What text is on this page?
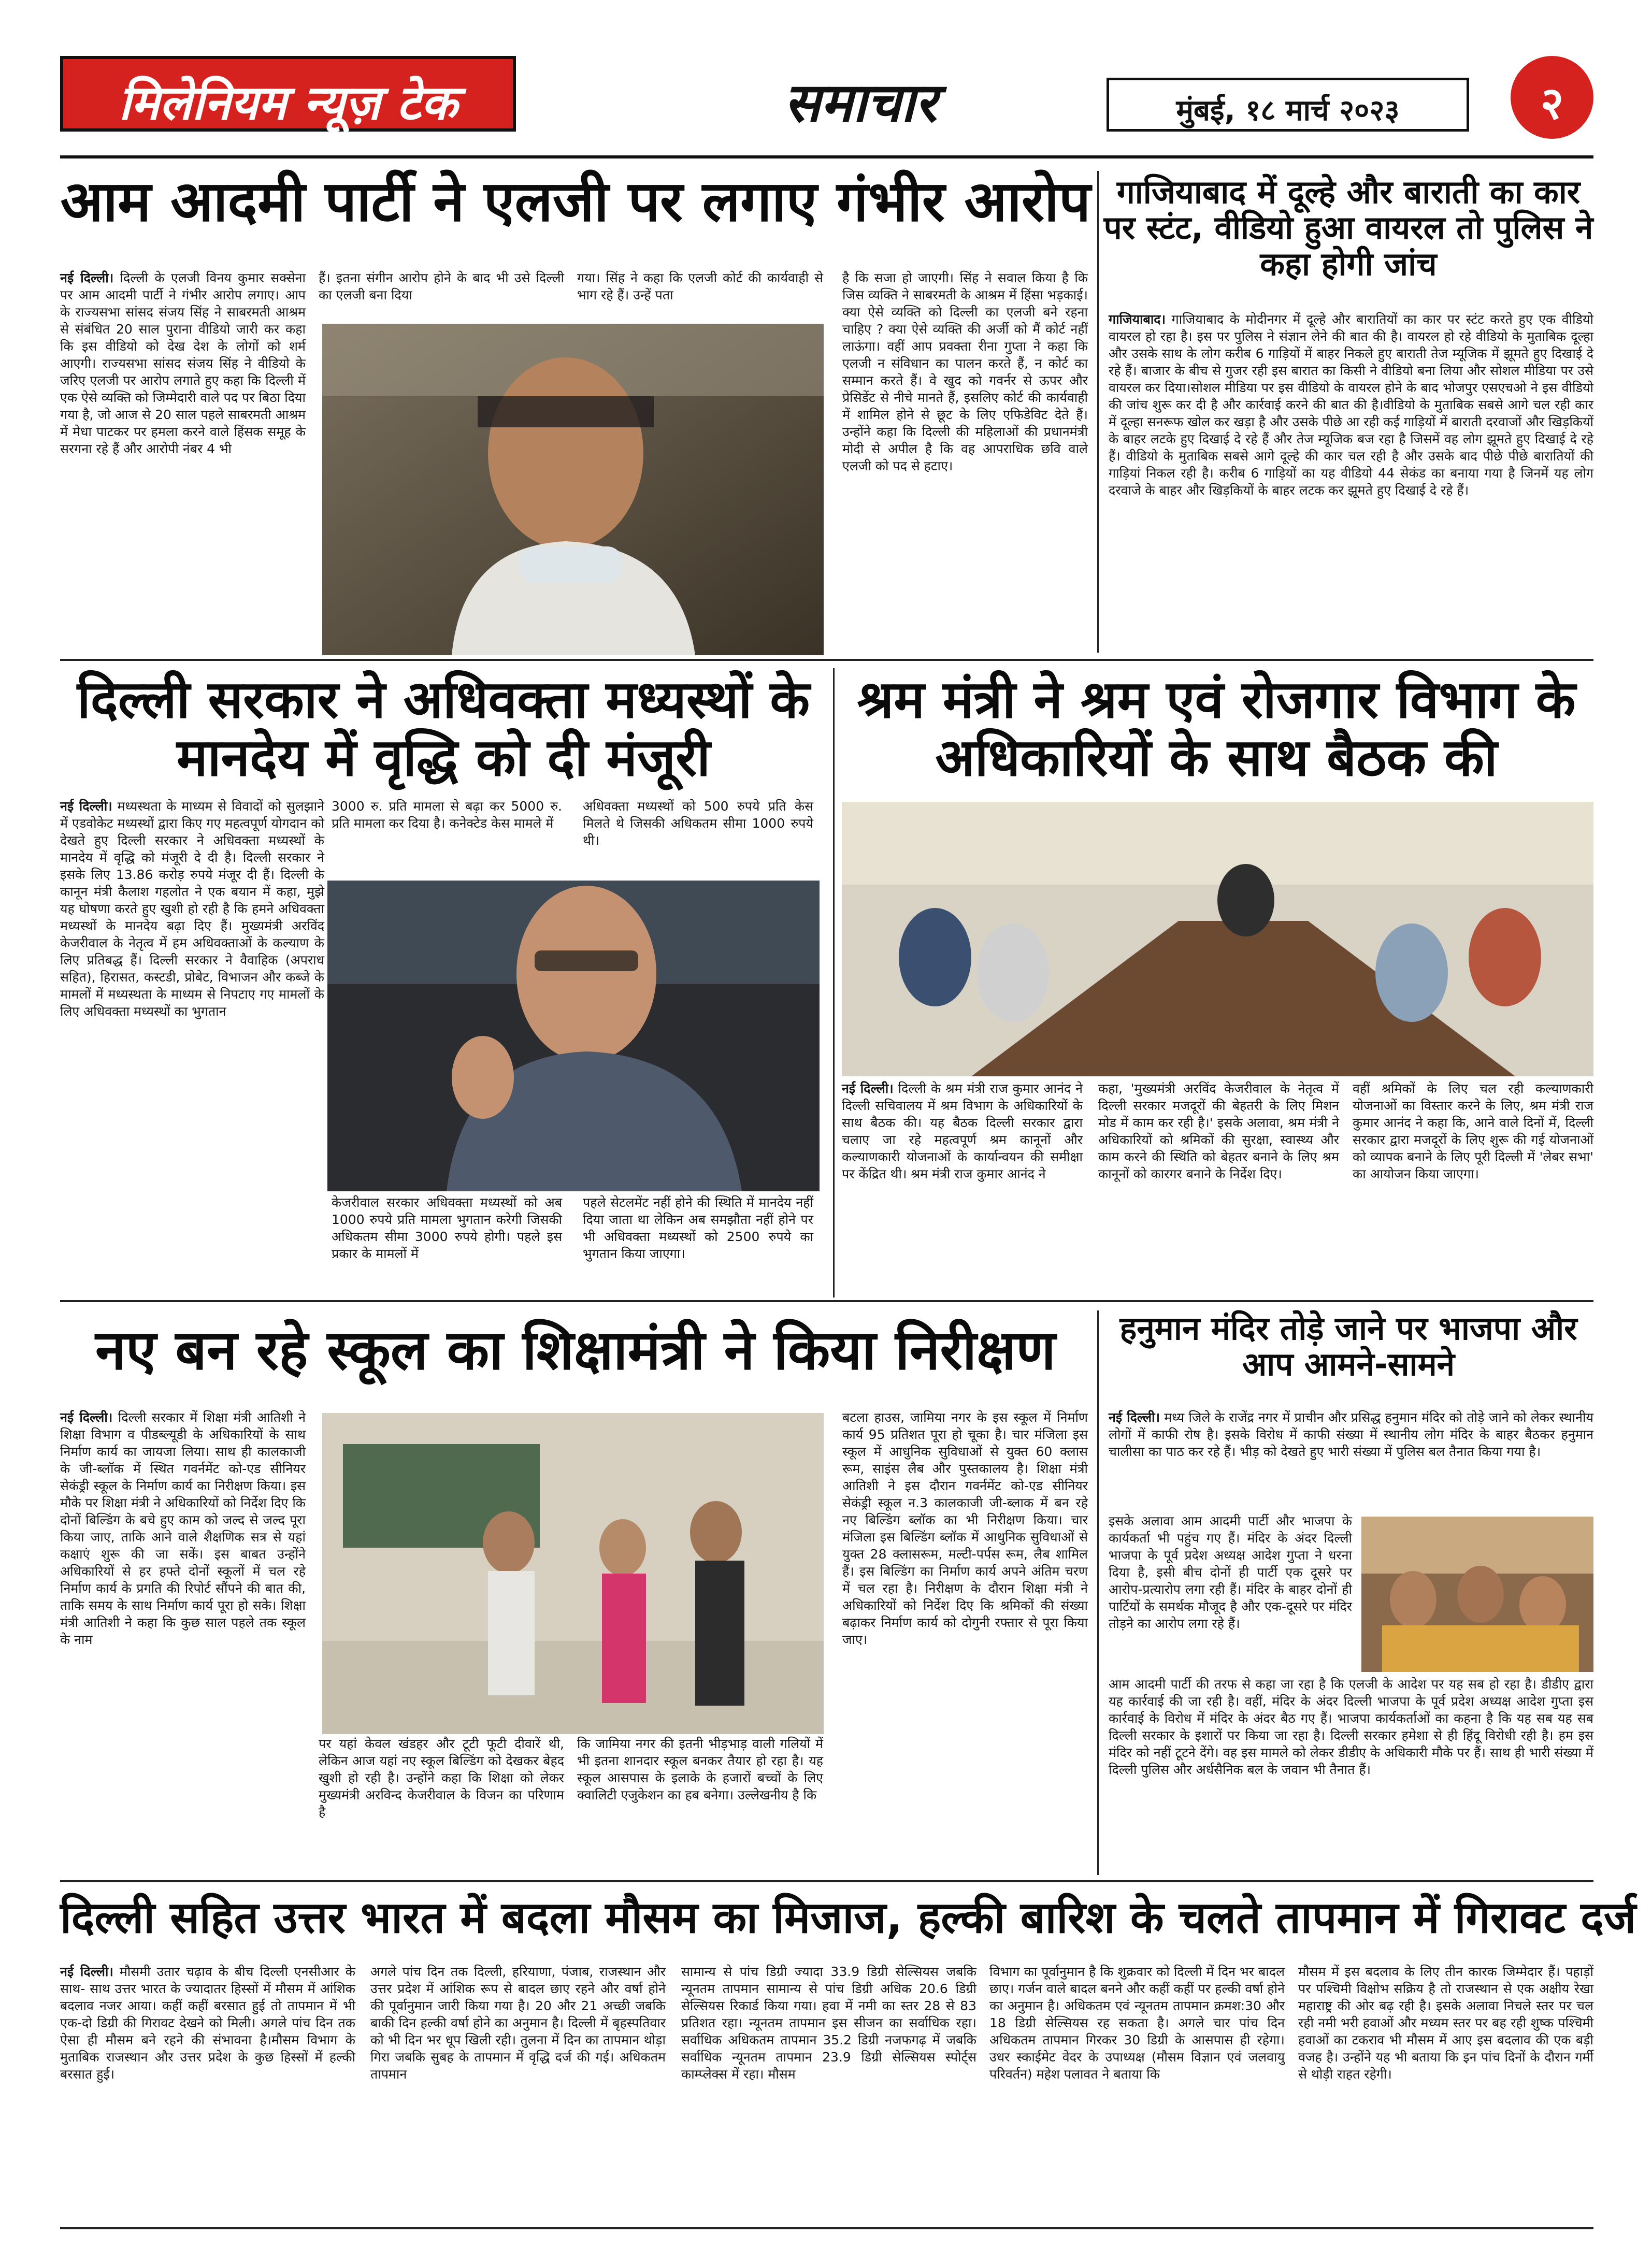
मिलेनियम न्यूज़ टेक	समाचार	मुंबई, १८ मार्च २०२३	२
आम आदमी पार्टी ने एलजी पर लगाए गंभीर आरोप
नई दिल्ली। दिल्ली के एलजी विनय कुमार सक्सेना पर आम आदमी पार्टी ने गंभीर आरोप लगाए। आप के राज्यसभा सांसद संजय सिंह ने साबरमती आश्रम से संबंधित 20 साल पुराना वीडियो जारी कर कहा कि इस वीडियो को देख देश के लोगों को शर्म आएगी। राज्यसभा सांसद संजय सिंह ने वीडियो के जरिए एलजी पर आरोप लगाते हुए कहा कि दिल्ली में एक ऐसे व्यक्ति को जिम्मेदारी वाले पद पर बिठा दिया गया है, जो आज से 20 साल पहले साबरमती आश्रम में मेधा पाटकर पर हमला करने वाले हिंसक समूह के सरगना रहे हैं और आरोपी नंबर 4 भी
हैं। इतना संगीन आरोप होने के बाद भी उसे दिल्ली का एलजी बना दिया
गया। सिंह ने कहा कि एलजी कोर्ट की कार्यवाही से भाग रहे हैं। उन्हें पता
है कि सजा हो जाएगी। सिंह ने सवाल किया है कि जिस व्यक्ति ने साबरमती के आश्रम में हिंसा भड़काई। क्या ऐसे व्यक्ति को दिल्ली का एलजी बने रहना चाहिए ? क्या ऐसे व्यक्ति की अर्जी को मैं कोर्ट नहीं लाऊंगा। वहीं आप प्रवक्ता रीना गुप्ता ने कहा कि एलजी न संविधान का पालन करते हैं, न कोर्ट का सम्मान करते हैं। वे खुद को गवर्नर से ऊपर और प्रेसिडेंट से नीचे मानते हैं, इसलिए कोर्ट की कार्यवाही में शामिल होने से छूट के लिए एफिडेविट देते हैं। उन्होंने कहा कि दिल्ली की महिलाओं की प्रधानमंत्री मोदी से अपील है कि वह आपराधिक छवि वाले एलजी को पद से हटाए।
गाजियाबाद में दूल्हे और बाराती का कार पर स्टंट, वीडियो हुआ वायरल तो पुलिस ने कहा होगी जांच
गाजियाबाद। गाजियाबाद के मोदीनगर में दूल्हे और बारातियों का कार पर स्टंट करते हुए एक वीडियो वायरल हो रहा है। इस पर पुलिस ने संज्ञान लेने की बात की है। वायरल हो रहे वीडियो के मुताबिक दूल्हा और उसके साथ के लोग करीब 6 गाड़ियों में बाहर निकले हुए बाराती तेज म्यूजिक में झूमते हुए दिखाई दे रहे हैं। बाजार के बीच से गुजर रही इस बारात का किसी ने वीडियो बना लिया और सोशल मीडिया पर उसे वायरल कर दिया।सोशल मीडिया पर इस वीडियो के वायरल होने के बाद भोजपुर एसएचओ ने इस वीडियो की जांच शुरू कर दी है और कार्रवाई करने की बात की है।वीडियो के मुताबिक सबसे आगे चल रही कार में दूल्हा सनरूफ खोल कर खड़ा है और उसके पीछे आ रही कई गाड़ियों में बाराती दरवाजों और खिड़कियों के बाहर लटके हुए दिखाई दे रहे हैं और तेज म्यूजिक बज रहा है जिसमें वह लोग झूमते हुए दिखाई दे रहे हैं। वीडियो के मुताबिक सबसे आगे दूल्हे की कार चल रही है और उसके बाद पीछे पीछे बारातियों की गाड़ियां निकल रही है। करीब 6 गाड़ियों का यह वीडियो 44 सेकंड का बनाया गया है जिनमें यह लोग दरवाजे के बाहर और खिड़कियों के बाहर लटक कर झूमते हुए दिखाई दे रहे हैं।
दिल्ली सरकार ने अधिवक्ता मध्यस्थों के मानदेय में वृद्धि को दी मंजूरी
नई दिल्ली। मध्यस्थता के माध्यम से विवादों को सुलझाने में एडवोकेट मध्यस्थों द्वारा किए गए महत्वपूर्ण योगदान को देखते हुए दिल्ली सरकार ने अधिवक्ता मध्यस्थों के मानदेय में वृद्धि को मंजूरी दे दी है। दिल्ली सरकार ने इसके लिए 13.86 करोड़ रुपये मंजूर दी हैं। दिल्ली के कानून मंत्री कैलाश गहलोत ने एक बयान में कहा, मुझे यह घोषणा करते हुए खुशी हो रही है कि हमने अधिवक्ता मध्यस्थों के मानदेय बढ़ा दिए हैं। मुख्यमंत्री अरविंद केजरीवाल के नेतृत्व में हम अधिवक्ताओं के कल्याण के लिए प्रतिबद्ध हैं। दिल्ली सरकार ने वैवाहिक (अपराध सहित), हिरासत, कस्टडी, प्रोबेट, विभाजन और कब्जे के मामलों में मध्यस्थता के माध्यम से निपटाए गए मामलों के लिए अधिवक्ता मध्यस्थों का भुगतान
3000 रु. प्रति मामला से बढ़ा कर 5000 रु. प्रति मामला कर दिया है। कनेक्टेड केस मामले में
अधिवक्ता मध्यस्थों को 500 रुपये प्रति केस मिलते थे जिसकी अधिकतम सीमा 1000 रुपये थी।
केजरीवाल सरकार अधिवक्ता मध्यस्थों को अब 1000 रुपये प्रति मामला भुगतान करेगी जिसकी अधिकतम सीमा 3000 रुपये होगी। पहले इस प्रकार के मामलों में
पहले सेटलमेंट नहीं होने की स्थिति में मानदेय नहीं दिया जाता था लेकिन अब समझौता नहीं होने पर भी अधिवक्ता मध्यस्थों को 2500 रुपये का भुगतान किया जाएगा।
श्रम मंत्री ने श्रम एवं रोजगार विभाग के अधिकारियों के साथ बैठक की
नई दिल्ली। दिल्ली के श्रम मंत्री राज कुमार आनंद ने दिल्ली सचिवालय में श्रम विभाग के अधिकारियों के साथ बैठक की। यह बैठक दिल्ली सरकार द्वारा चलाए जा रहे महत्वपूर्ण श्रम कानूनों और कल्याणकारी योजनाओं के कार्यान्वयन की समीक्षा पर केंद्रित थी। श्रम मंत्री राज कुमार आनंद ने
कहा, 'मुख्यमंत्री अरविंद केजरीवाल के नेतृत्व में दिल्ली सरकार मजदूरों की बेहतरी के लिए मिशन मोड में काम कर रही है।' इसके अलावा, श्रम मंत्री ने अधिकारियों को श्रमिकों की सुरक्षा, स्वास्थ्य और काम करने की स्थिति को बेहतर बनाने के लिए श्रम कानूनों को कारगर बनाने के निर्देश दिए।
वहीं श्रमिकों के लिए चल रही कल्याणकारी योजनाओं का विस्तार करने के लिए, श्रम मंत्री राज कुमार आनंद ने कहा कि, आने वाले दिनों में, दिल्ली सरकार द्वारा मजदूरों के लिए शुरू की गई योजनाओं को व्यापक बनाने के लिए पूरी दिल्ली में 'लेबर सभा' का आयोजन किया जाएगा।
नए बन रहे स्कूल का शिक्षामंत्री ने किया निरीक्षण
नई दिल्ली। दिल्ली सरकार में शिक्षा मंत्री आतिशी ने शिक्षा विभाग व पीडब्ल्यूडी के अधिकारियों के साथ निर्माण कार्य का जायजा लिया। साथ ही कालकाजी के जी-ब्लॉक में स्थित गवर्नमेंट को-एड सीनियर सेकंड्री स्कूल के निर्माण कार्य का निरीक्षण किया। इस मौके पर शिक्षा मंत्री ने अधिकारियों को निर्देश दिए कि दोनों बिल्डिंग के बचे हुए काम को जल्द से जल्द पूरा किया जाए, ताकि आने वाले शैक्षणिक सत्र से यहां कक्षाएं शुरू की जा सकें। इस बाबत उन्होंने अधिकारियों से हर हफ्ते दोनों स्कूलों में चल रहे निर्माण कार्य के प्रगति की रिपोर्ट सौंपने की बात की, ताकि समय के साथ निर्माण कार्य पूरा हो सके। शिक्षा मंत्री आतिशी ने कहा कि कुछ साल पहले तक स्कूल के नाम
पर यहां केवल खंडहर और टूटी फूटी दीवारें थी, लेकिन आज यहां नए स्कूल बिल्डिंग को देखकर बेहद खुशी हो रही है। उन्होंने कहा कि शिक्षा को लेकर मुख्यमंत्री अरविन्द केजरीवाल के विजन का परिणाम है
कि जामिया नगर की इतनी भीड़भाड़ वाली गलियों में भी इतना शानदार स्कूल बनकर तैयार हो रहा है। यह स्कूल आसपास के इलाके के हजारों बच्चों के लिए क्वालिटी एजुकेशन का हब बनेगा। उल्लेखनीय है कि
बटला हाउस, जामिया नगर के इस स्कूल में निर्माण कार्य 95 प्रतिशत पूरा हो चूका है। चार मंजिला इस स्कूल में आधुनिक सुविधाओं से युक्त 60 क्लास रूम, साइंस लैब और पुस्तकालय है। शिक्षा मंत्री आतिशी ने इस दौरान गवर्नमेंट को-एड सीनियर सेकंड्री स्कूल न.3 कालकाजी जी-ब्लाक में बन रहे नए बिल्डिंग ब्लॉक का भी निरीक्षण किया। चार मंजिला इस बिल्डिंग ब्लॉक में आधुनिक सुविधाओं से युक्त 28 क्लासरूम, मल्टी-पर्पस रूम, लैब शामिल हैं। इस बिल्डिंग का निर्माण कार्य अपने अंतिम चरण में चल रहा है। निरीक्षण के दौरान शिक्षा मंत्री ने अधिकारियों को निर्देश दिए कि श्रमिकों की संख्या बढ़ाकर निर्माण कार्य को दोगुनी रफ्तार से पूरा किया जाए।
हनुमान मंदिर तोड़े जाने पर भाजपा और आप आमने-सामने
नई दिल्ली। मध्य जिले के राजेंद्र नगर में प्राचीन और प्रसिद्ध हनुमान मंदिर को तोड़े जाने को लेकर स्थानीय लोगों में काफी रोष है। इसके विरोध में काफी संख्या में स्थानीय लोग मंदिर के बाहर बैठकर हनुमान चालीसा का पाठ कर रहे हैं। भीड़ को देखते हुए भारी संख्या में पुलिस बल तैनात किया गया है।
इसके अलावा आम आदमी पार्टी और भाजपा के कार्यकर्ता भी पहुंच गए हैं। मंदिर के अंदर दिल्ली भाजपा के पूर्व प्रदेश अध्यक्ष आदेश गुप्ता ने धरना दिया है, इसी बीच दोनों ही पार्टी एक दूसरे पर आरोप-प्रत्यारोप लगा रही हैं। मंदिर के बाहर दोनों ही पार्टियों के समर्थक मौजूद है और एक-दूसरे पर मंदिर तोड़ने का आरोप लगा रहे हैं।
आम आदमी पार्टी की तरफ से कहा जा रहा है कि एलजी के आदेश पर यह सब हो रहा है। डीडीए द्वारा यह कार्रवाई की जा रही है। वहीं, मंदिर के अंदर दिल्ली भाजपा के पूर्व प्रदेश अध्यक्ष आदेश गुप्ता इस कार्रवाई के विरोध में मंदिर के अंदर बैठ गए हैं। भाजपा कार्यकर्ताओं का कहना है कि यह सब यह सब दिल्ली सरकार के इशारों पर किया जा रहा है। दिल्ली सरकार हमेशा से ही हिंदू विरोधी रही है। हम इस मंदिर को नहीं टूटने देंगे। वह इस मामले को लेकर डीडीए के अधिकारी मौके पर हैं। साथ ही भारी संख्या में दिल्ली पुलिस और अर्धसैनिक बल के जवान भी तैनात हैं।
दिल्ली सहित उत्तर भारत में बदला मौसम का मिजाज, हल्की बारिश के चलते तापमान में गिरावट दर्ज
नई दिल्ली। मौसमी उतार चढ़ाव के बीच दिल्ली एनसीआर के साथ- साथ उत्तर भारत के ज्यादातर हिस्सों में मौसम में आंशिक बदलाव नजर आया। कहीं कहीं बरसात हुई तो तापमान में भी एक-दो डिग्री की गिरावट देखने को मिली। अगले पांच दिन तक ऐसा ही मौसम बने रहने की संभावना है।मौसम विभाग के मुताबिक राजस्थान और उत्तर प्रदेश के कुछ हिस्सों में हल्की बरसात हुई।
अगले पांच दिन तक दिल्ली, हरियाणा, पंजाब, राजस्थान और उत्तर प्रदेश में आंशिक रूप से बादल छाए रहने और वर्षा होने की पूर्वानुमान जारी किया गया है। 20 और 21 अच्छी जबकि बाकी दिन हल्की वर्षा होने का अनुमान है। दिल्ली में बृहस्पतिवार को भी दिन भर धूप खिली रही। तुलना में दिन का तापमान थोड़ा गिरा जबकि सुबह के तापमान में वृद्धि दर्ज की गई। अधिकतम तापमान
सामान्य से पांच डिग्री ज्यादा 33.9 डिग्री सेल्सियस जबकि न्यूनतम तापमान सामान्य से पांच डिग्री अधिक 20.6 डिग्री सेल्सियस रिकार्ड किया गया। हवा में नमी का स्तर 28 से 83 प्रतिशत रहा। न्यूनतम तापमान इस सीजन का सर्वाधिक रहा। सर्वाधिक अधिकतम तापमान 35.2 डिग्री नजफगढ़ में जबकि सर्वाधिक न्यूनतम तापमान 23.9 डिग्री सेल्सियस स्पोर्ट्स काम्प्लेक्स में रहा। मौसम
विभाग का पूर्वानुमान है कि शुक्रवार को दिल्ली में दिन भर बादल छाए। गर्जन वाले बादल बनने और कहीं कहीं पर हल्की वर्षा होने का अनुमान है। अधिकतम एवं न्यूनतम तापमान क्रमश:30 और 18 डिग्री सेल्सियस रह सकता है। अगले चार पांच दिन अधिकतम तापमान गिरकर 30 डिग्री के आसपास ही रहेगा। उधर स्काईमेट वेदर के उपाध्यक्ष (मौसम विज्ञान एवं जलवायु परिवर्तन) महेश पलावत ने बताया कि
मौसम में इस बदलाव के लिए तीन कारक जिम्मेदार हैं। पहाड़ों पर पश्चिमी विक्षोभ सक्रिय है तो राजस्थान से एक अक्षीय रेखा महाराष्ट्र की ओर बढ़ रही है। इसके अलावा निचले स्तर पर चल रही नमी भरी हवाओं और मध्यम स्तर पर बह रही शुष्क पश्चिमी हवाओं का टकराव भी मौसम में आए इस बदलाव की एक बड़ी वजह है। उन्होंने यह भी बताया कि इन पांच दिनों के दौरान गर्मी से थोड़ी राहत रहेगी।
